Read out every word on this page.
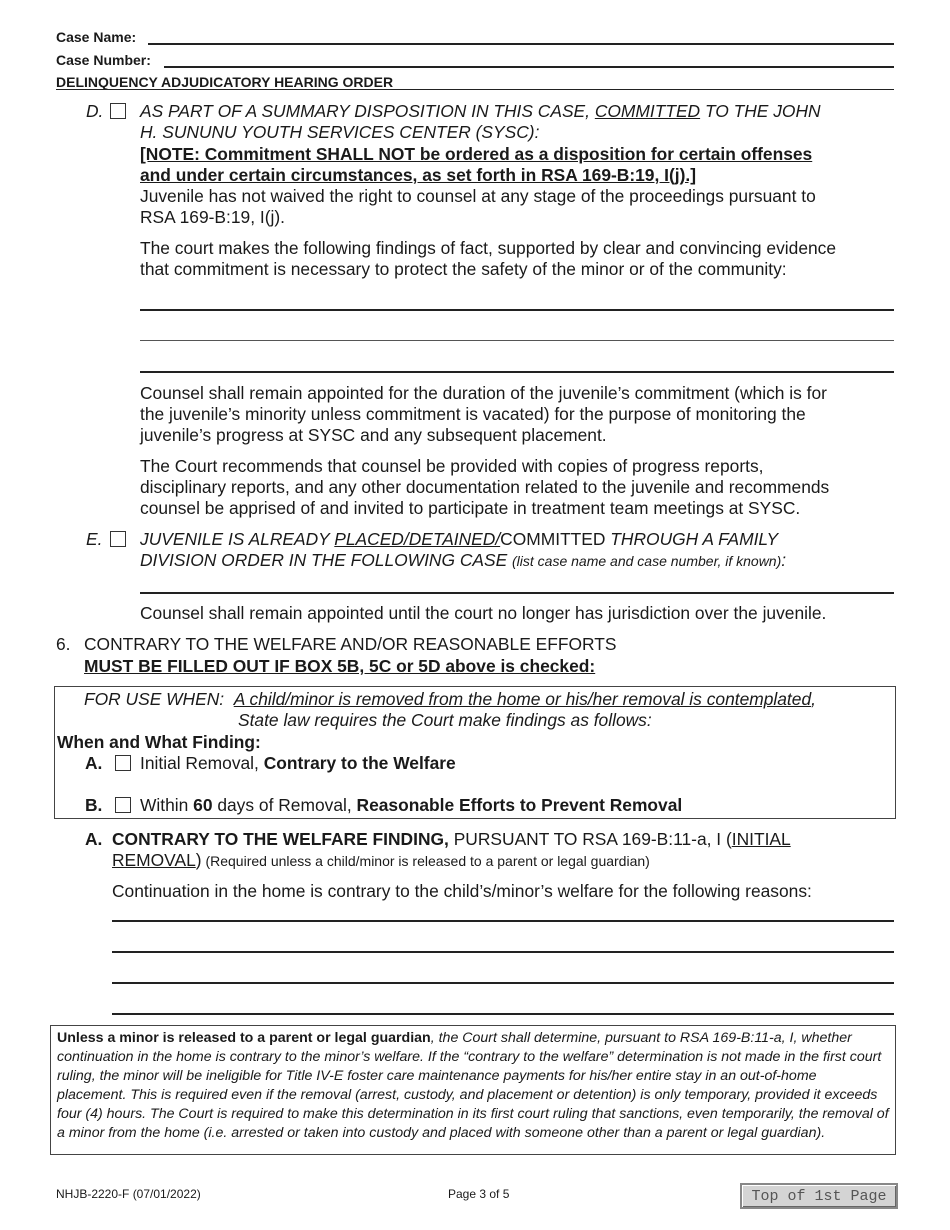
Case Name:
Case Number:
DELINQUENCY ADJUDICATORY HEARING ORDER
D. AS PART OF A SUMMARY DISPOSITION IN THIS CASE, COMMITTED TO THE JOHN
H. SUNUNU YOUTH SERVICES CENTER (SYSC):
[NOTE: Commitment SHALL NOT be ordered as a disposition for certain offenses
and under certain circumstances, as set forth in RSA 169-B:19, I(j).]
Juvenile has not waived the right to counsel at any stage of the proceedings pursuant to
RSA 169-B:19, I(j).
The court makes the following findings of fact, supported by clear and convincing evidence
that commitment is necessary to protect the safety of the minor or of the community:
Counsel shall remain appointed for the duration of the juvenile’s commitment (which is for
the juvenile’s minority unless commitment is vacated) for the purpose of monitoring the
juvenile’s progress at SYSC and any subsequent placement.
The Court recommends that counsel be provided with copies of progress reports,
disciplinary reports, and any other documentation related to the juvenile and recommends
counsel be apprised of and invited to participate in treatment team meetings at SYSC.
E. JUVENILE IS ALREADY PLACED/DETAINED/COMMITTED THROUGH A FAMILY
DIVISION ORDER IN THE FOLLOWING CASE (list case name and case number, if known):
Counsel shall remain appointed until the court no longer has jurisdiction over the juvenile.
6. CONTRARY TO THE WELFARE AND/OR REASONABLE EFFORTS
MUST BE FILLED OUT IF BOX 5B, 5C or 5D above is checked:
FOR USE WHEN: A child/minor is removed from the home or his/her removal is contemplated,
State law requires the Court make findings as follows:
When and What Finding:
A. Initial Removal, Contrary to the Welfare
B. Within 60 days of Removal, Reasonable Efforts to Prevent Removal
A. CONTRARY TO THE WELFARE FINDING, PURSUANT TO RSA 169-B:11-a, I (INITIAL
REMOVAL) (Required unless a child/minor is released to a parent or legal guardian)
Continuation in the home is contrary to the child’s/minor’s welfare for the following reasons:
Unless a minor is released to a parent or legal guardian, the Court shall determine, pursuant to RSA 169-B:11-a, I, whether continuation in the home is contrary to the minor’s welfare. If the “contrary to the welfare” determination is not made in the first court ruling, the minor will be ineligible for Title IV-E foster care maintenance payments for his/her entire stay in an out-of-home placement. This is required even if the removal (arrest, custody, and placement or detention) is only temporary, provided it exceeds four (4) hours. The Court is required to make this determination in its first court ruling that sanctions, even temporarily, the removal of a minor from the home (i.e. arrested or taken into custody and placed with someone other than a parent or legal guardian).
NHJB-2220-F (07/01/2022)	Page 3 of 5	Top of 1st Page
